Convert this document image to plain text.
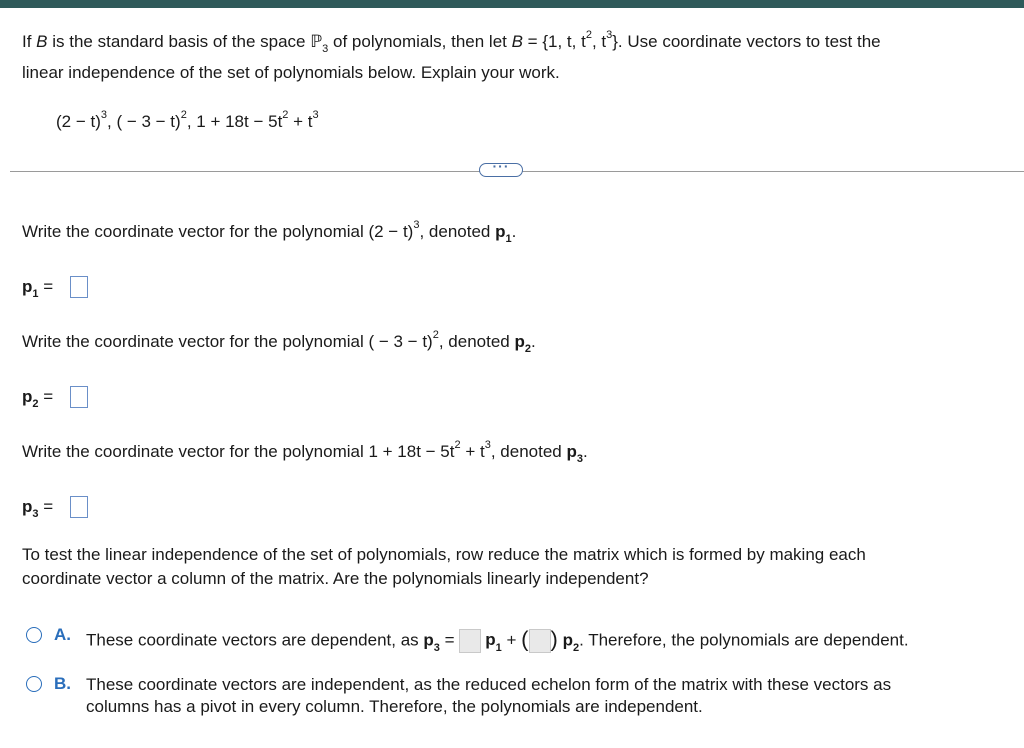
If B is the standard basis of the space ℙ$_3$ of polynomials, then let B = {1, t, $t^2$, $t^3$}. Use coordinate vectors to test the
linear independence of the set of polynomials below. Explain your work.
$(2 - t)^3$, ( − 3 − t)$^2$, $1 + 18t - 5t^2 + t^3$
···
Write the coordinate vector for the polynomial $(2 - t)^3$, denoted $p_1$.
$p_1$ =
Write the coordinate vector for the polynomial ( − 3 − t)$^2$, denoted $p_2$.
$p_2$ =
Write the coordinate vector for the polynomial $1 + 18t - 5t^2 + t^3$, denoted $p_3$.
$p_3$ =
To test the linear independence of the set of polynomials, row reduce the matrix which is formed by making each
coordinate vector a column of the matrix. Are the polynomials linearly independent?
A. These coordinate vectors are dependent, as $p_3 = p_1$ + ( ) $p_2$. Therefore, the polynomials are dependent.
B. These coordinate vectors are independent, as the reduced echelon form of the matrix with these vectors as
columns has a pivot in every column. Therefore, the polynomials are independent.
